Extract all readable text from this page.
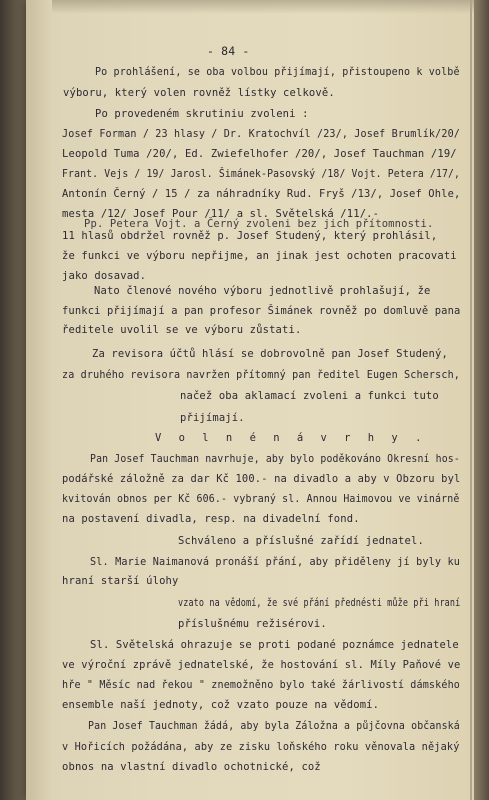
- 84 -
Po prohlášení, se oba volbou přijímají, přistoupeno k volbě
výboru, který volen rovněž lístky celkově.
Po provedeném skrutiniu zvoleni :
Josef Forman / 23 hlasy / Dr. Kratochvíl /23/, Josef Brumlík/20/
Leopold Tuma /20/, Ed. Zwiefelhofer /20/, Josef Tauchman /19/
Frant. Vejs / 19/ Jarosl. Šimánek-Pasovský /18/ Vojt. Petera /17/,
Antonín Černý / 15 / za náhradníky Rud. Fryš /13/, Josef Ohle,
mesta /12/ Josef Pour /11/ a sl. Světelská /11/.-
Pp. Petera Vojt. a Černý zvoleni bez jich přítomnosti.
11 hlasů obdržel rovněž p. Josef Studený, který prohlásil,
že funkci ve výboru nepřijme, an jinak jest ochoten pracovati
jako dosavad.
Nato členové nového výboru jednotlivě prohlašují, že
funkci přijímají a pan profesor Šimánek rovněž po domluvě pana
ředitele uvolil se ve výboru zůstati.
Za revisora účtů hlásí se dobrovolně pan Josef Studený,
za druhého revisora navržen přítomný pan ředitel Eugen Schersch,
načež oba aklamací zvoleni a funkci tuto
přijímají.
V o l n é n á v r h y .
Pan Josef Tauchman navrhuje, aby bylo poděkováno Okresní hos-
podářské záložně za dar Kč 100.- na divadlo a aby v Obzoru byl
kvitován obnos per Kč 606.- vybraný sl. Annou Haimovou ve vinárně
na postavení divadla, resp. na divadelní fond.
Schváleno a příslušné zařídí jednatel.
Sl. Marie Naimanová pronáší přání, aby přiděleny jí byly ku
hraní starší úlohy
vzato na vědomí, že své přání přednésti může při hraní
příslušnému režisérovi.
Sl. Světelská ohrazuje se proti podané poznámce jednatele
ve výroční zprávě jednatelské, že hostování sl. Míly Paňové ve
hře " Měsíc nad řekou " znemožněno bylo také žárlivostí dámského
ensemble naší jednoty, což vzato pouze na vědomí.
Pan Josef Tauchman žádá, aby byla Záložna a půjčovna občanská
v Hořicích požádána, aby ze zisku loňského roku věnovala nějaký
obnos na vlastní divadlo ochotnické, což
